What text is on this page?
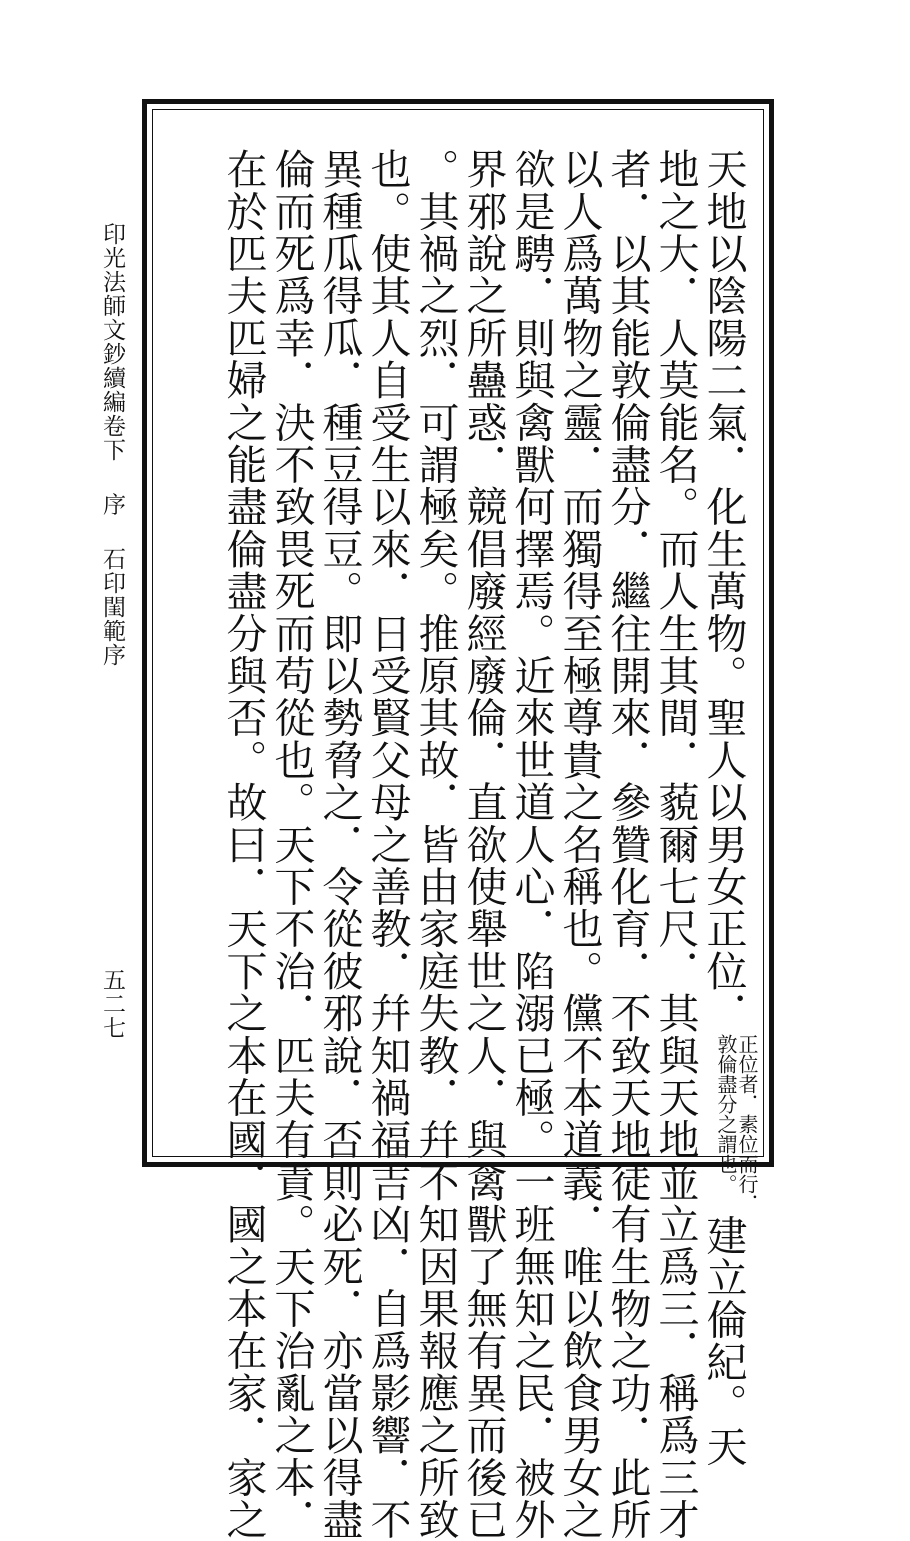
印光法師文鈔續編卷下 序 石印閨範序
五二七	天地以陰陽二氣．化生萬物。聖人以男女正位．
正位者．素位而行．
敦倫盡分之謂也。
建立倫紀。天
地之大．人莫能名。而人生其間．藐爾七尺．其與天地並立爲三．稱爲三才
者．以其能敦倫盡分．繼往開來．參贊化育．不致天地徒有生物之功．此所
以人爲萬物之靈．而獨得至極尊貴之名稱也。儻不本道義．唯以飲食男女之
欲是騁．則與禽獸何擇焉。近來世道人心．陷溺已極。一班無知之民．被外
界邪說之所蠱惑．競倡廢經廢倫．直欲使舉世之人．與禽獸了無有異而後已
。其禍之烈．可謂極矣。推原其故．皆由家庭失教．幷不知因果報應之所致
也。使其人自受生以來．日受賢父母之善教．幷知禍福吉凶．自爲影響．不
異種瓜得瓜．種豆得豆。即以勢脅之．令從彼邪說．否則必死．亦當以得盡
倫而死爲幸．決不致畏死而苟從也。天下不治．匹夫有責。天下治亂之本．
在於匹夫匹婦之能盡倫盡分與否。故曰．天下之本在國．國之本在家．家之
